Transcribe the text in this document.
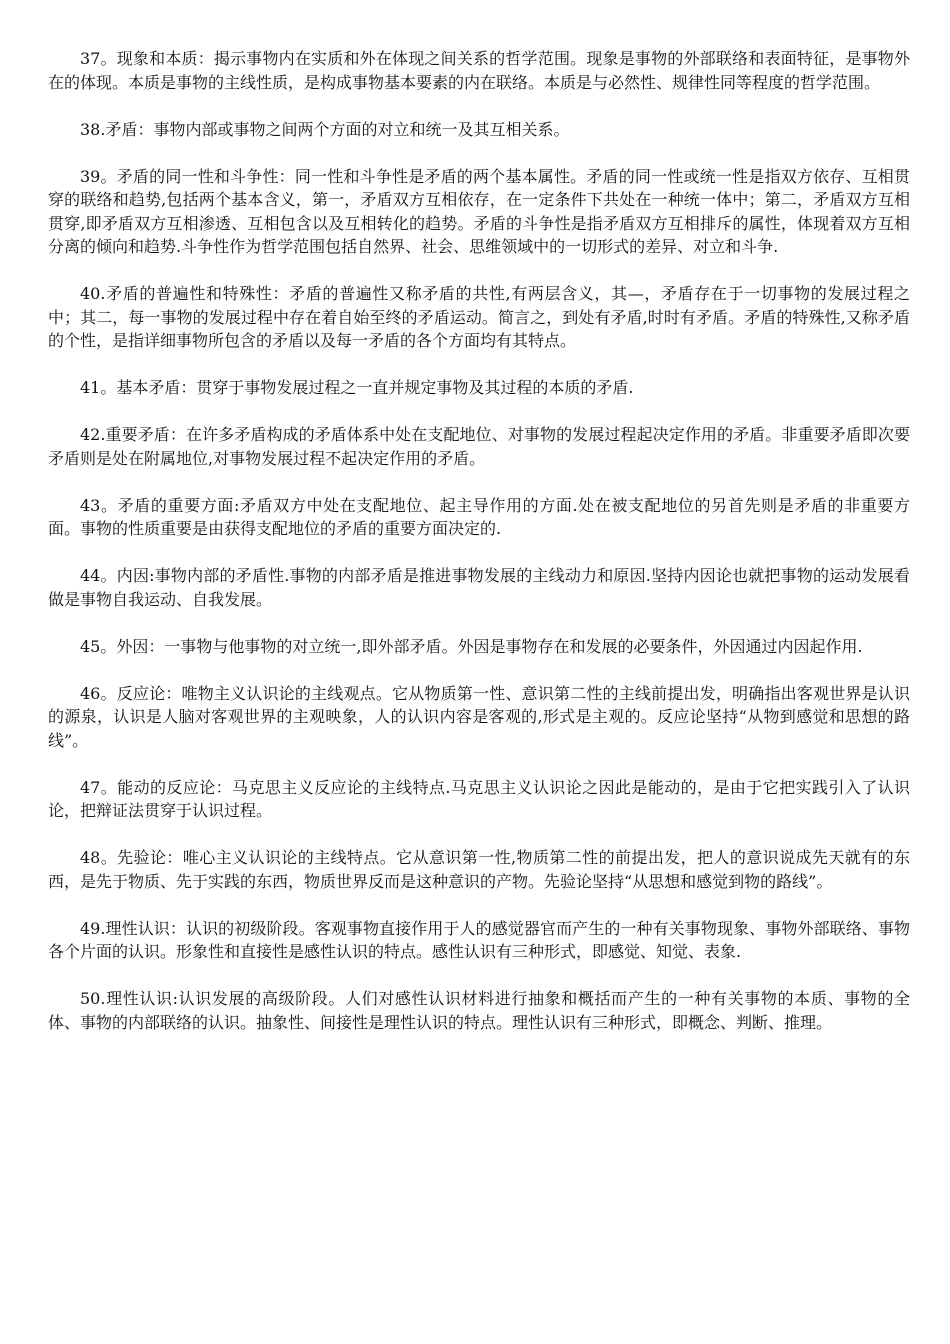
37。现象和本质：揭示事物内在实质和外在体现之间关系的哲学范围。现象是事物的外部联络和表面特征，是事物外在的体现。本质是事物的主线性质，是构成事物基本要素的内在联络。本质是与必然性、规律性同等程度的哲学范围。

38.矛盾：事物内部或事物之间两个方面的对立和统一及其互相关系。

39。矛盾的同一性和斗争性：同一性和斗争性是矛盾的两个基本属性。矛盾的同一性或统一性是指双方依存、互相贯穿的联络和趋势,包括两个基本含义，第一，矛盾双方互相依存，在一定条件下共处在一种统一体中；第二，矛盾双方互相贯穿,即矛盾双方互相渗透、互相包含以及互相转化的趋势。矛盾的斗争性是指矛盾双方互相排斥的属性，体现着双方互相分离的倾向和趋势.斗争性作为哲学范围包括自然界、社会、思维领域中的一切形式的差异、对立和斗争.

40.矛盾的普遍性和特殊性：矛盾的普遍性又称矛盾的共性,有两层含义，其—，矛盾存在于一切事物的发展过程之中；其二，每一事物的发展过程中存在着自始至终的矛盾运动。简言之，到处有矛盾,时时有矛盾。矛盾的特殊性,又称矛盾的个性，是指详细事物所包含的矛盾以及每一矛盾的各个方面均有其特点。

41。基本矛盾：贯穿于事物发展过程之一直并规定事物及其过程的本质的矛盾.

42.重要矛盾：在许多矛盾构成的矛盾体系中处在支配地位、对事物的发展过程起决定作用的矛盾。非重要矛盾即次要矛盾则是处在附属地位,对事物发展过程不起决定作用的矛盾。

43。矛盾的重要方面:矛盾双方中处在支配地位、起主导作用的方面.处在被支配地位的另首先则是矛盾的非重要方面。事物的性质重要是由获得支配地位的矛盾的重要方面决定的.

44。内因:事物内部的矛盾性.事物的内部矛盾是推进事物发展的主线动力和原因.坚持内因论也就把事物的运动发展看做是事物自我运动、自我发展。

45。外因：一事物与他事物的对立统一,即外部矛盾。外因是事物存在和发展的必要条件，外因通过内因起作用.

46。反应论：唯物主义认识论的主线观点。它从物质第一性、意识第二性的主线前提出发，明确指出客观世界是认识的源泉，认识是人脑对客观世界的主观映象，人的认识内容是客观的,形式是主观的。反应论坚持“从物到感觉和思想的路线”。

47。能动的反应论：马克思主义反应论的主线特点.马克思主义认识论之因此是能动的，是由于它把实践引入了认识论，把辩证法贯穿于认识过程。

48。先验论：唯心主义认识论的主线特点。它从意识第一性,物质第二性的前提出发，把人的意识说成先天就有的东西，是先于物质、先于实践的东西，物质世界反而是这种意识的产物。先验论坚持“从思想和感觉到物的路线”。

49.理性认识：认识的初级阶段。客观事物直接作用于人的感觉器官而产生的一种有关事物现象、事物外部联络、事物各个片面的认识。形象性和直接性是感性认识的特点。感性认识有三种形式，即感觉、知觉、表象.

50.理性认识:认识发展的高级阶段。人们对感性认识材料进行抽象和概括而产生的一种有关事物的本质、事物的全体、事物的内部联络的认识。抽象性、间接性是理性认识的特点。理性认识有三种形式，即概念、判断、推理。
